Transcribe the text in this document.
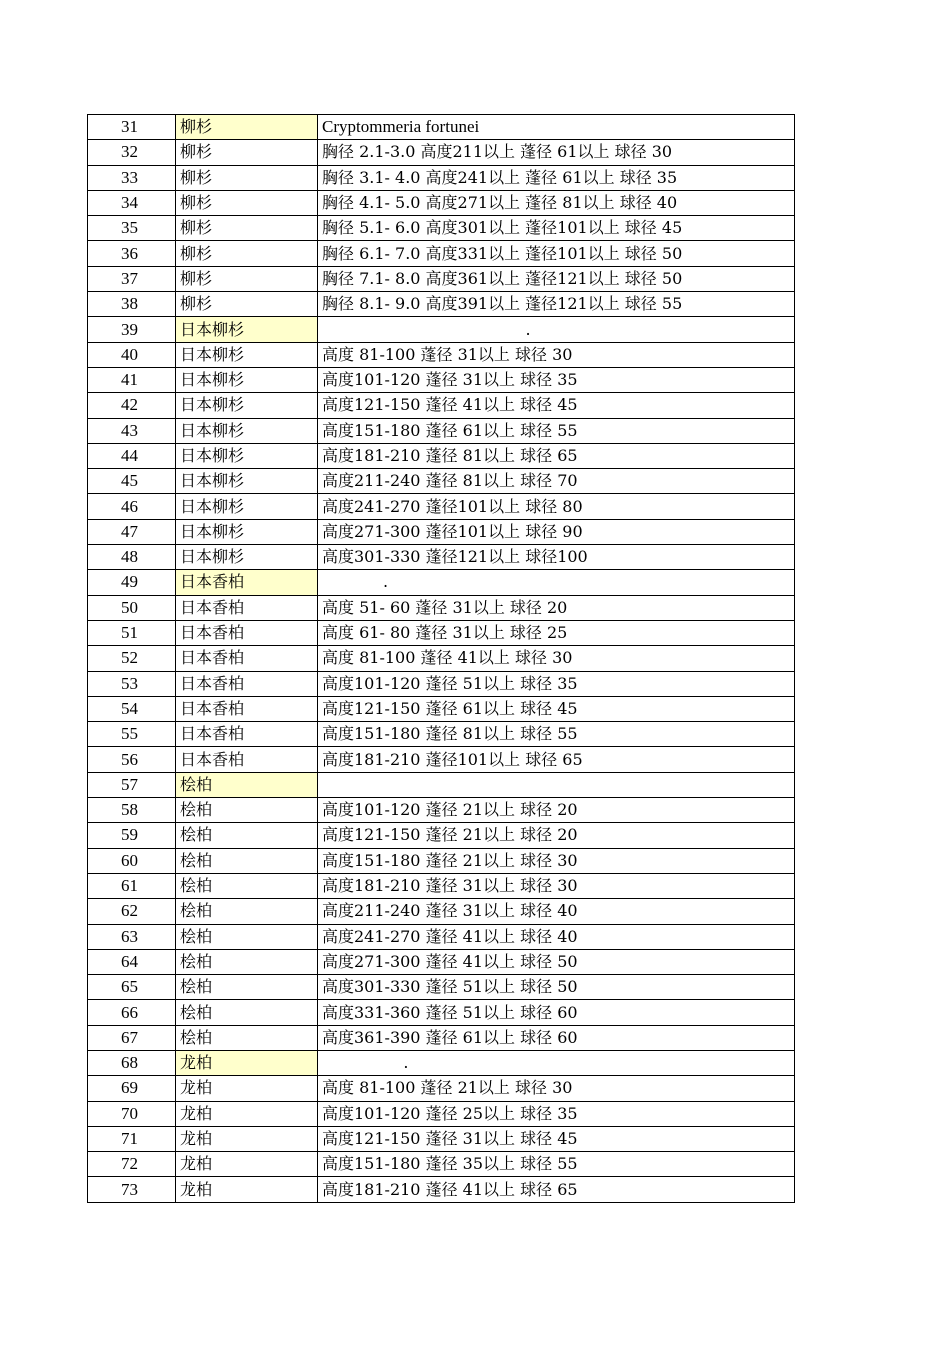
31	柳杉	Cryptommeria fortunei
32	柳杉	胸径 2.1-3.0 高度211以上 蓬径 61以上 球径 30
33	柳杉	胸径 3.1- 4.0 高度241以上 蓬径 61以上 球径 35
34	柳杉	胸径 4.1- 5.0 高度271以上 蓬径 81以上 球径 40
35	柳杉	胸径 5.1- 6.0 高度301以上 蓬径101以上 球径 45
36	柳杉	胸径 6.1- 7.0 高度331以上 蓬径101以上 球径 50
37	柳杉	胸径 7.1- 8.0 高度361以上 蓬径121以上 球径 50
38	柳杉	胸径 8.1- 9.0 高度391以上 蓬径121以上 球径 55
39	日本柳杉	.
40	日本柳杉	高度 81-100 蓬径 31以上 球径 30
41	日本柳杉	高度101-120 蓬径 31以上 球径 35
42	日本柳杉	高度121-150 蓬径 41以上 球径 45
43	日本柳杉	高度151-180 蓬径 61以上 球径 55
44	日本柳杉	高度181-210 蓬径 81以上 球径 65
45	日本柳杉	高度211-240 蓬径 81以上 球径 70
46	日本柳杉	高度241-270 蓬径101以上 球径 80
47	日本柳杉	高度271-300 蓬径101以上 球径 90
48	日本柳杉	高度301-330 蓬径121以上 球径100
49	日本香柏	.
50	日本香柏	高度 51- 60 蓬径 31以上 球径 20
51	日本香柏	高度 61- 80 蓬径 31以上 球径 25
52	日本香柏	高度 81-100 蓬径 41以上 球径 30
53	日本香柏	高度101-120 蓬径 51以上 球径 35
54	日本香柏	高度121-150 蓬径 61以上 球径 45
55	日本香柏	高度151-180 蓬径 81以上 球径 55
56	日本香柏	高度181-210 蓬径101以上 球径 65
57	桧柏	
58	桧柏	高度101-120 蓬径 21以上 球径 20
59	桧柏	高度121-150 蓬径 21以上 球径 20
60	桧柏	高度151-180 蓬径 21以上 球径 30
61	桧柏	高度181-210 蓬径 31以上 球径 30
62	桧柏	高度211-240 蓬径 31以上 球径 40
63	桧柏	高度241-270 蓬径 41以上 球径 40
64	桧柏	高度271-300 蓬径 41以上 球径 50
65	桧柏	高度301-330 蓬径 51以上 球径 50
66	桧柏	高度331-360 蓬径 51以上 球径 60
67	桧柏	高度361-390 蓬径 61以上 球径 60
68	龙柏	.
69	龙柏	高度 81-100 蓬径 21以上 球径 30
70	龙柏	高度101-120 蓬径 25以上 球径 35
71	龙柏	高度121-150 蓬径 31以上 球径 45
72	龙柏	高度151-180 蓬径 35以上 球径 55
73	龙柏	高度181-210 蓬径 41以上 球径 65
